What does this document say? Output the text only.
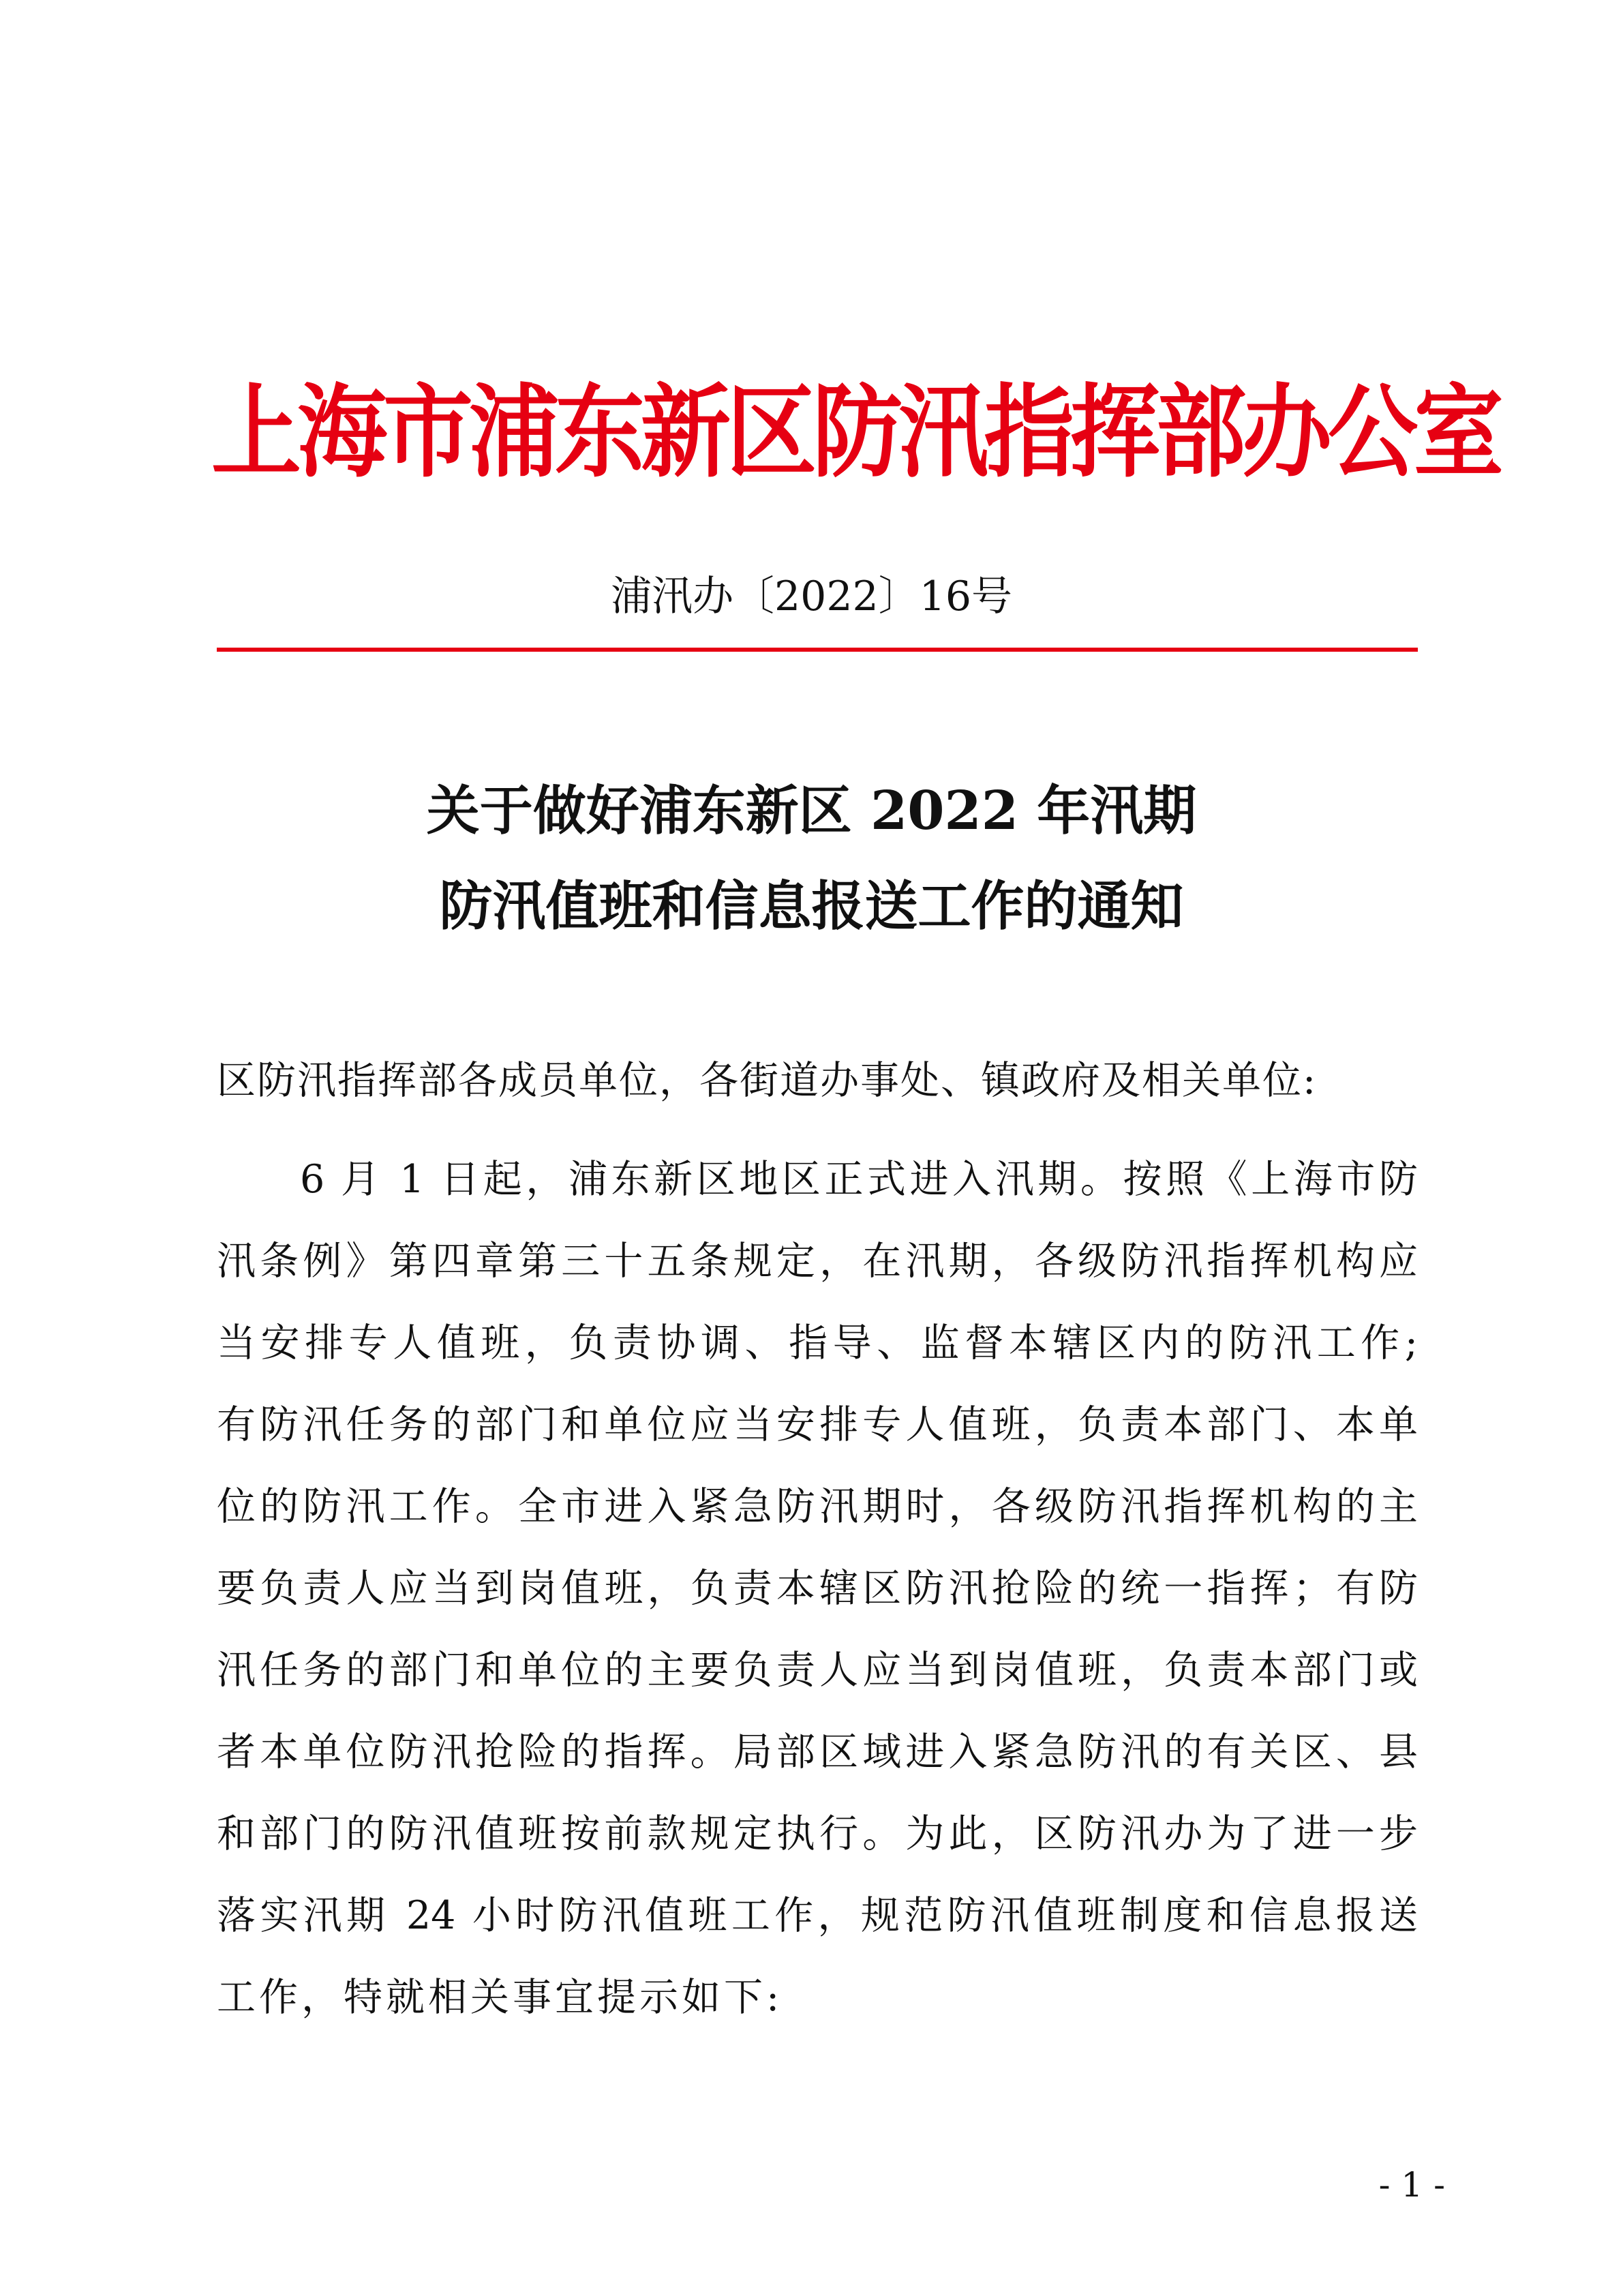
上海市浦东新区防汛指挥部办公室
浦汛办〔2022〕16号
关于做好浦东新区 2022 年汛期
防汛值班和信息报送工作的通知
区防汛指挥部各成员单位，各街道办事处、镇政府及相关单位:
6 月 1 日起，浦东新区地区正式进入汛期。按照《上海市防
汛条例》第四章第三十五条规定，在汛期，各级防汛指挥机构应
当安排专人值班，负责协调、指导、监督本辖区内的防汛工作;
有防汛任务的部门和单位应当安排专人值班，负责本部门、本单
位的防汛工作。全市进入紧急防汛期时，各级防汛指挥机构的主
要负责人应当到岗值班，负责本辖区防汛抢险的统一指挥；有防
汛任务的部门和单位的主要负责人应当到岗值班，负责本部门或
者本单位防汛抢险的指挥。局部区域进入紧急防汛的有关区、县
和部门的防汛值班按前款规定执行。为此，区防汛办为了进一步
落实汛期 24 小时防汛值班工作，规范防汛值班制度和信息报送
工作，特就相关事宜提示如下:
- 1 -
